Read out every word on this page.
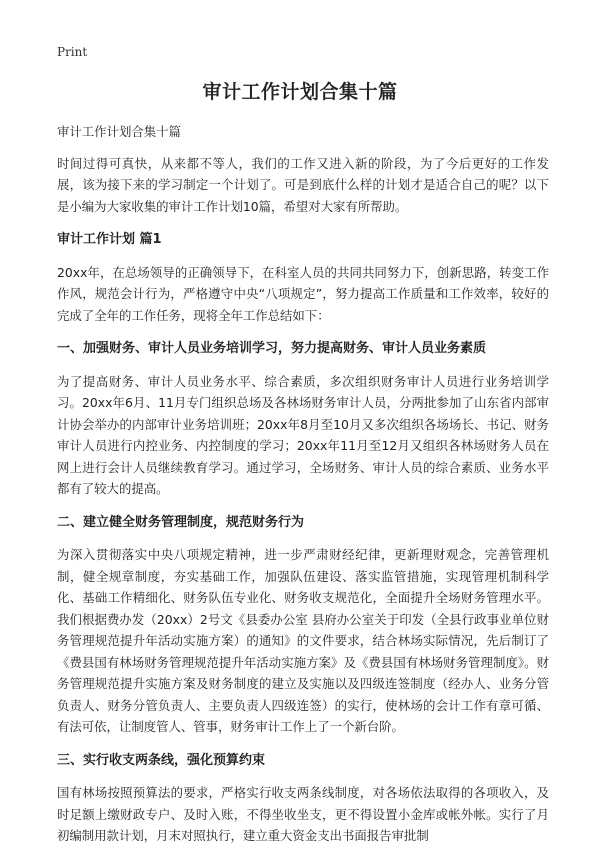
Print
审计工作计划合集十篇

审计工作计划合集十篇

时间过得可真快，从来都不等人，我们的工作又进入新的阶段，为了今后更好的工作发展，该为接下来的学习制定一个计划了。可是到底什么样的计划才是适合自己的呢？以下是小编为大家收集的审计工作计划10篇，希望对大家有所帮助。

审计工作计划 篇1

20xx年，在总场领导的正确领导下，在科室人员的共同共同努力下，创新思路，转变工作作风，规范会计行为，严格遵守中央“八项规定”，努力提高工作质量和工作效率，较好的完成了全年的工作任务，现将全年工作总结如下：

一、加强财务、审计人员业务培训学习，努力提高财务、审计人员业务素质

为了提高财务、审计人员业务水平、综合素质，多次组织财务审计人员进行业务培训学习。20xx年6月、11月专门组织总场及各林场财务审计人员，分两批参加了山东省内部审计协会举办的内部审计业务培训班；20xx年8月至10月又多次组织各场场长、书记、财务审计人员进行内控业务、内控制度的学习；20xx年11月至12月又组织各林场财务人员在网上进行会计人员继续教育学习。通过学习，全场财务、审计人员的综合素质、业务水平都有了较大的提高。

二、建立健全财务管理制度，规范财务行为

为深入贯彻落实中央八项规定精神，进一步严肃财经纪律，更新理财观念，完善管理机制，健全规章制度，夯实基础工作，加强队伍建设、落实监管措施，实现管理机制科学化、基础工作精细化、财务队伍专业化、财务收支规范化，全面提升全场财务管理水平。我们根据费办发（20xx）2号文《县委办公室 县府办公室关于印发（全县行政事业单位财务管理规范提升年活动实施方案）的通知》的文件要求，结合林场实际情况，先后制订了《费县国有林场财务管理规范提升年活动实施方案》及《费县国有林场财务管理制度》。财务管理规范提升实施方案及财务制度的建立及实施以及四级连签制度（经办人、业务分管负责人、财务分管负责人、主要负责人四级连签）的实行，使林场的会计工作有章可循、有法可依，让制度管人、管事，财务审计工作上了一个新台阶。

三、实行收支两条线，强化预算约束

国有林场按照预算法的要求，严格实行收支两条线制度，对各场依法取得的各项收入，及时足额上缴财政专户、及时入账，不得坐收坐支，更不得设置小金库或帐外帐。实行了月初编制用款计划，月末对照执行，建立重大资金支出书面报告审批制
